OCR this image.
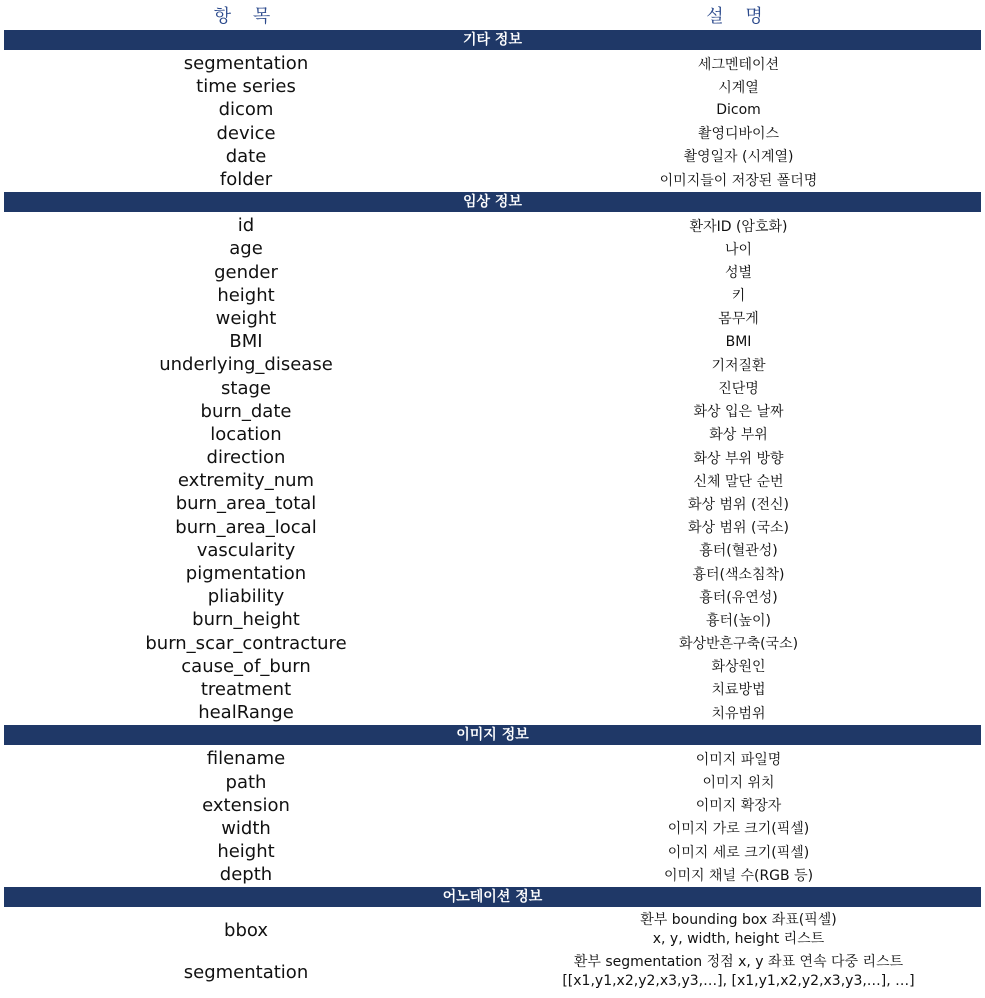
항 목	설 명
기타 정보
segmentation	세그멘테이션
time series	시계열
dicom	Dicom
device	촬영디바이스
date	촬영일자 (시계열)
folder	이미지들이 저장된 폴더명
임상 정보
id	환자ID (암호화)
age	나이
gender	성별
height	키
weight	몸무게
BMI	BMI
underlying_disease	기저질환
stage	진단명
burn_date	화상 입은 날짜
location	화상 부위
direction	화상 부위 방향
extremity_num	신체 말단 순번
burn_area_total	화상 범위 (전신)
burn_area_local	화상 범위 (국소)
vascularity	흉터(혈관성)
pigmentation	흉터(색소침착)
pliability	흉터(유연성)
burn_height	흉터(높이)
burn_scar_contracture	화상반흔구축(국소)
cause_of_burn	화상원인
treatment	치료방법
healRange	치유범위
이미지 정보
filename	이미지 파일명
path	이미지 위치
extension	이미지 확장자
width	이미지 가로 크기(픽셀)
height	이미지 세로 크기(픽셀)
depth	이미지 채널 수(RGB 등)
어노테이션 정보
bbox	환부 bounding box 좌표(픽셀)
x, y, width, height 리스트
segmentation	환부 segmentation 정점 x, y 좌표 연속 다중 리스트
[[x1,y1,x2,y2,x3,y3,…], [x1,y1,x2,y2,x3,y3,…], …]
